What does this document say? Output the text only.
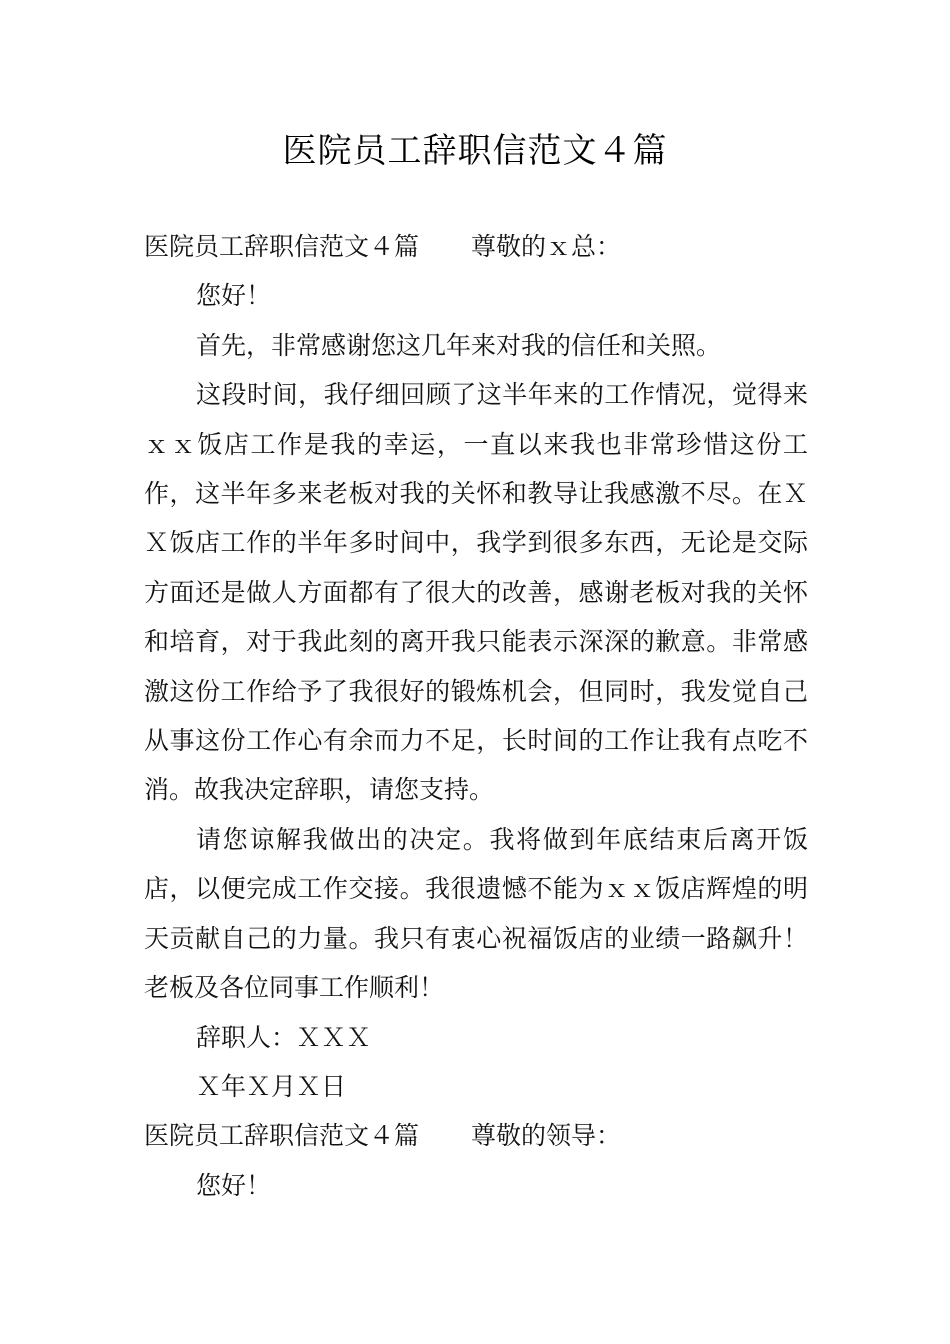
医院员工辞职信范文４篇
医院员工辞职信范文４篇 尊敬的ｘ总：
您好！
首先，非常感谢您这几年来对我的信任和关照。
这段时间，我仔细回顾了这半年来的工作情况，觉得来ｘｘ饭店工作是我的幸运，一直以来我也非常珍惜这份工作，这半年多来老板对我的关怀和教导让我感激不尽。在ＸＸ饭店工作的半年多时间中，我学到很多东西，无论是交际方面还是做人方面都有了很大的改善，感谢老板对我的关怀和培育，对于我此刻的离开我只能表示深深的歉意。非常感激这份工作给予了我很好的锻炼机会，但同时，我发觉自己从事这份工作心有余而力不足，长时间的工作让我有点吃不消。故我决定辞职，请您支持。
请您谅解我做出的决定。我将做到年底结束后离开饭店，以便完成工作交接。我很遗憾不能为ｘｘ饭店辉煌的明天贡献自己的力量。我只有衷心祝福饭店的业绩一路飙升！老板及各位同事工作顺利！
辞职人：ＸＸＸ
Ｘ年Ｘ月Ｘ日
医院员工辞职信范文４篇 尊敬的领导：
您好！
